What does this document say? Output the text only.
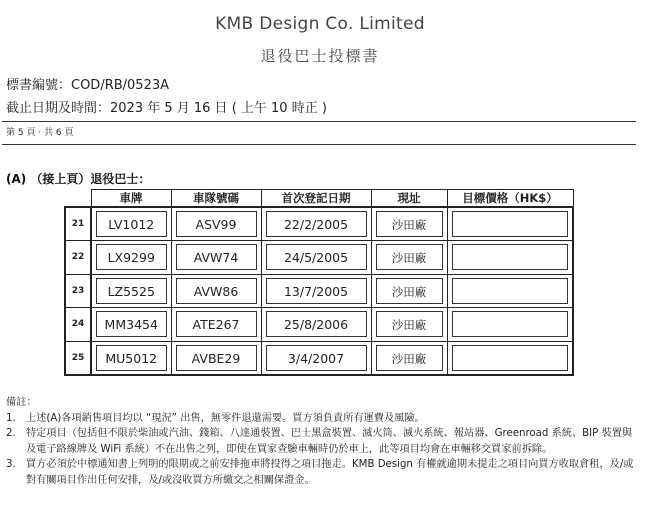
KMB Design Co. Limited
退役巴士投標書
標書編號：COD/RB/0523A
截止日期及時間：2023 年 5 月 16 日 ( 上午 10 時正 )
第 5 頁 · 共 6 頁
(A) （接上頁）退役巴士：
	車牌	車隊號碼	首次登記日期	現址	目標價格（HK$）
21	LV1012	ASV99	22/2/2005	沙田廠	

22	LX9299	AVW74	24/5/2005	沙田廠	

23	LZ5525	AVW86	13/7/2005	沙田廠	

24	MM3454	ATE267	25/8/2006	沙田廠	

25	MU5012	AVBE29	3/4/2007	沙田廠	

備註：
1. 上述(A)各項銷售項目均以 “現況” 出售，無零件退還需要。買方須負責所有運費及風險。
2. 特定項目（包括但不限於柴油或汽油、錢箱、八達通裝置、巴士黑盒裝置、滅火筒、滅火系統、報站器、Greenroad 系統、BIP 裝置與及電子路線牌及 WiFi 系統）不在出售之列，即使在買家查驗車輛時仍於車上，此等項目均會在車輛移交買家前拆除。
3. 買方必須於中標通知書上列明的限期或之前安排拖車將投得之項目拖走。KMB Design 有權就逾期未提走之項目向買方收取倉租，及/或對有關項目作出任何安排，及/或沒收買方所繳交之相關保證金。
